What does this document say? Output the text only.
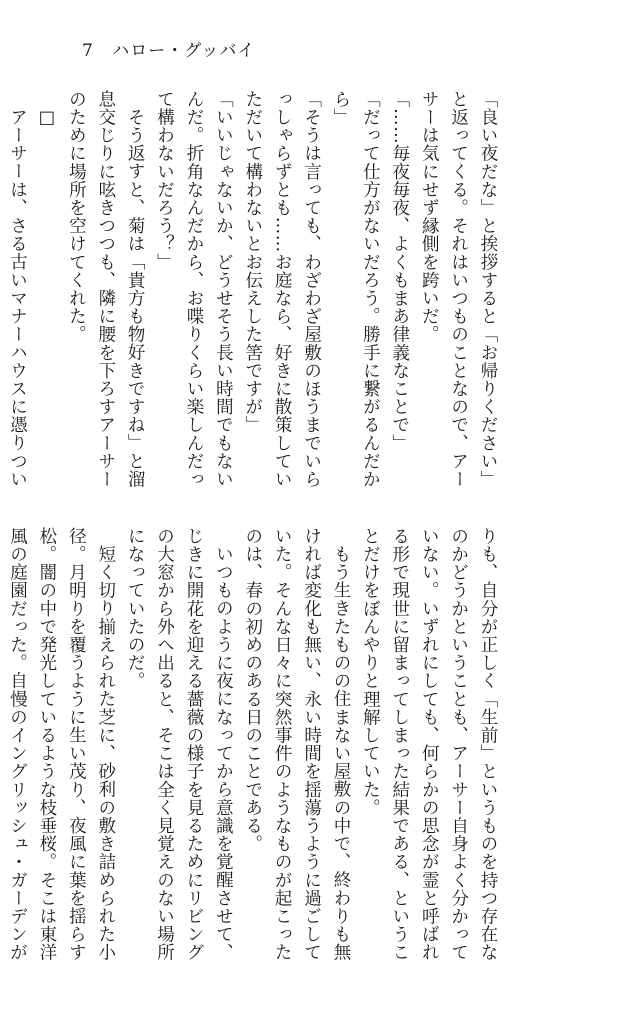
7 ハロー・グッバイ

「良い夜だな」と挨拶すると「お帰りください」と返ってくる。それはいつものことなので、アーサーは気にせず縁側を跨いだ。

「……毎夜毎夜、よくもまあ律義なことで」

「だって仕方がないだろう。勝手に繋がるんだから」

「そうは言っても、わざわざ屋敷のほうまでいらっしゃらずとも……お庭なら、好きに散策していただいて構わないとお伝えした筈ですが」

「いいじゃないか、どうせそう長い時間でもないんだ。折角なんだから、お喋りくらい楽しんだって構わないだろう？」

そう返すと、菊は「貴方も物好きですね」と溜息交じりに呟きつつも、隣に腰を下ろすアーサーのために場所を空けてくれた。

□

アーサーは、さる古いマナーハウスに憑りつい

りも、自分が正しく「生前」というものを持つ存在なのかどうかということも、アーサー自身よく分かっていない。いずれにしても、何らかの思念が霊と呼ばれる形で現世に留まってしまった結果である、ということだけをぼんやりと理解していた。

もう生きたものの住まない屋敷の中で、終わりも無ければ変化も無い、永い時間を揺蕩うように過ごしていた。そんな日々に突然事件のようなものが起こったのは、春の初めのある日のことである。

いつものように夜になってから意識を覚醒させて、じきに開花を迎える薔薇の様子を見るためにリビングの大窓から外へ出ると、そこは全く見覚えのない場所になっていたのだ。

短く切り揃えられた芝に、砂利の敷き詰められた小径。月明りを覆うように生い茂り、夜風に葉を揺らす松。闇の中で発光しているような枝垂桜。そこは東洋風の庭園だった。自慢のイングリッシュ・ガーデンが
